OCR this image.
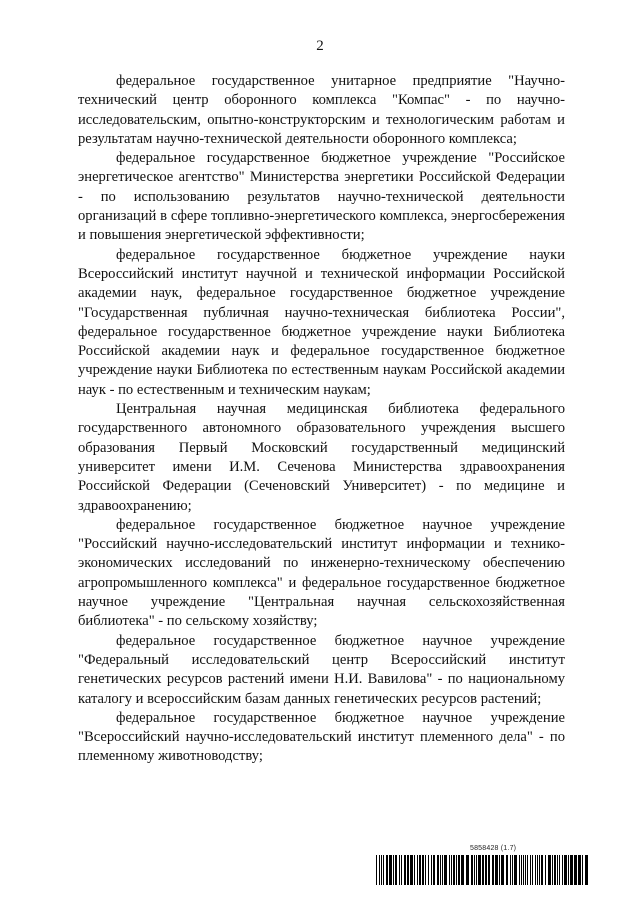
2

федеральное государственное унитарное предприятие "Научно-технический центр оборонного комплекса "Компас" - по научно-исследовательским, опытно-конструкторским и технологическим работам и результатам научно-технической деятельности оборонного комплекса;

федеральное государственное бюджетное учреждение "Российское энергетическое агентство" Министерства энергетики Российской Федерации - по использованию результатов научно-технической деятельности организаций в сфере топливно-энергетического комплекса, энергосбережения и повышения энергетической эффективности;

федеральное государственное бюджетное учреждение науки Всероссийский институт научной и технической информации Российской академии наук, федеральное государственное бюджетное учреждение "Государственная публичная научно-техническая библиотека России", федеральное государственное бюджетное учреждение науки Библиотека Российской академии наук и федеральное государственное бюджетное учреждение науки Библиотека по естественным наукам Российской академии наук - по естественным и техническим наукам;

Центральная научная медицинская библиотека федерального государственного автономного образовательного учреждения высшего образования Первый Московский государственный медицинский университет имени И.М. Сеченова Министерства здравоохранения Российской Федерации (Сеченовский Университет) - по медицине и здравоохранению;

федеральное государственное бюджетное научное учреждение "Российский научно-исследовательский институт информации и технико-экономических исследований по инженерно-техническому обеспечению агропромышленного комплекса" и федеральное государственное бюджетное научное учреждение "Центральная научная сельскохозяйственная библиотека" - по сельскому хозяйству;

федеральное государственное бюджетное научное учреждение "Федеральный исследовательский центр Всероссийский институт генетических ресурсов растений имени Н.И. Вавилова" - по национальному каталогу и всероссийским базам данных генетических ресурсов растений;

федеральное государственное бюджетное научное учреждение "Всероссийский научно-исследовательский институт племенного дела" - по племенному животноводству;

5858428 (1.7)
